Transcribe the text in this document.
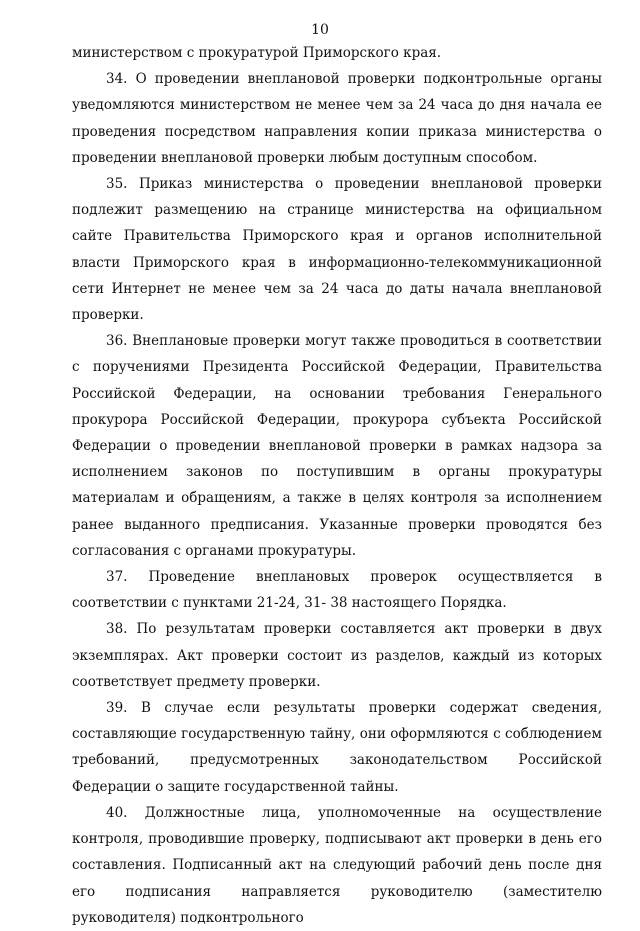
10

министерством с прокуратурой Приморского края.

34. О проведении внеплановой проверки подконтрольные органы уведомляются министерством не менее чем за 24 часа до дня начала ее проведения посредством направления копии приказа министерства о проведении внеплановой проверки любым доступным способом.

35. Приказ министерства о проведении внеплановой проверки подлежит размещению на странице министерства на официальном сайте Правительства Приморского края и органов исполнительной власти Приморского края в информационно-телекоммуникационной сети Интернет не менее чем за 24 часа до даты начала внеплановой проверки.

36. Внеплановые проверки могут также проводиться в соответствии с поручениями Президента Российской Федерации, Правительства Российской Федерации, на основании требования Генерального прокурора Российской Федерации, прокурора субъекта Российской Федерации о проведении внеплановой проверки в рамках надзора за исполнением законов по поступившим в органы прокуратуры материалам и обращениям, а также в целях контроля за исполнением ранее выданного предписания. Указанные проверки проводятся без согласования с органами прокуратуры.

37. Проведение внеплановых проверок осуществляется в соответствии с пунктами 21-24, 31- 38 настоящего Порядка.

38. По результатам проверки составляется акт проверки в двух экземплярах. Акт проверки состоит из разделов, каждый из которых соответствует предмету проверки.

39. В случае если результаты проверки содержат сведения, составляющие государственную тайну, они оформляются с соблюдением требований, предусмотренных законодательством Российской Федерации о защите государственной тайны.

40. Должностные лица, уполномоченные на осуществление контроля, проводившие проверку, подписывают акт проверки в день его составления. Подписанный акт на следующий рабочий день после дня его подписания направляется руководителю (заместителю руководителя) подконтрольного
